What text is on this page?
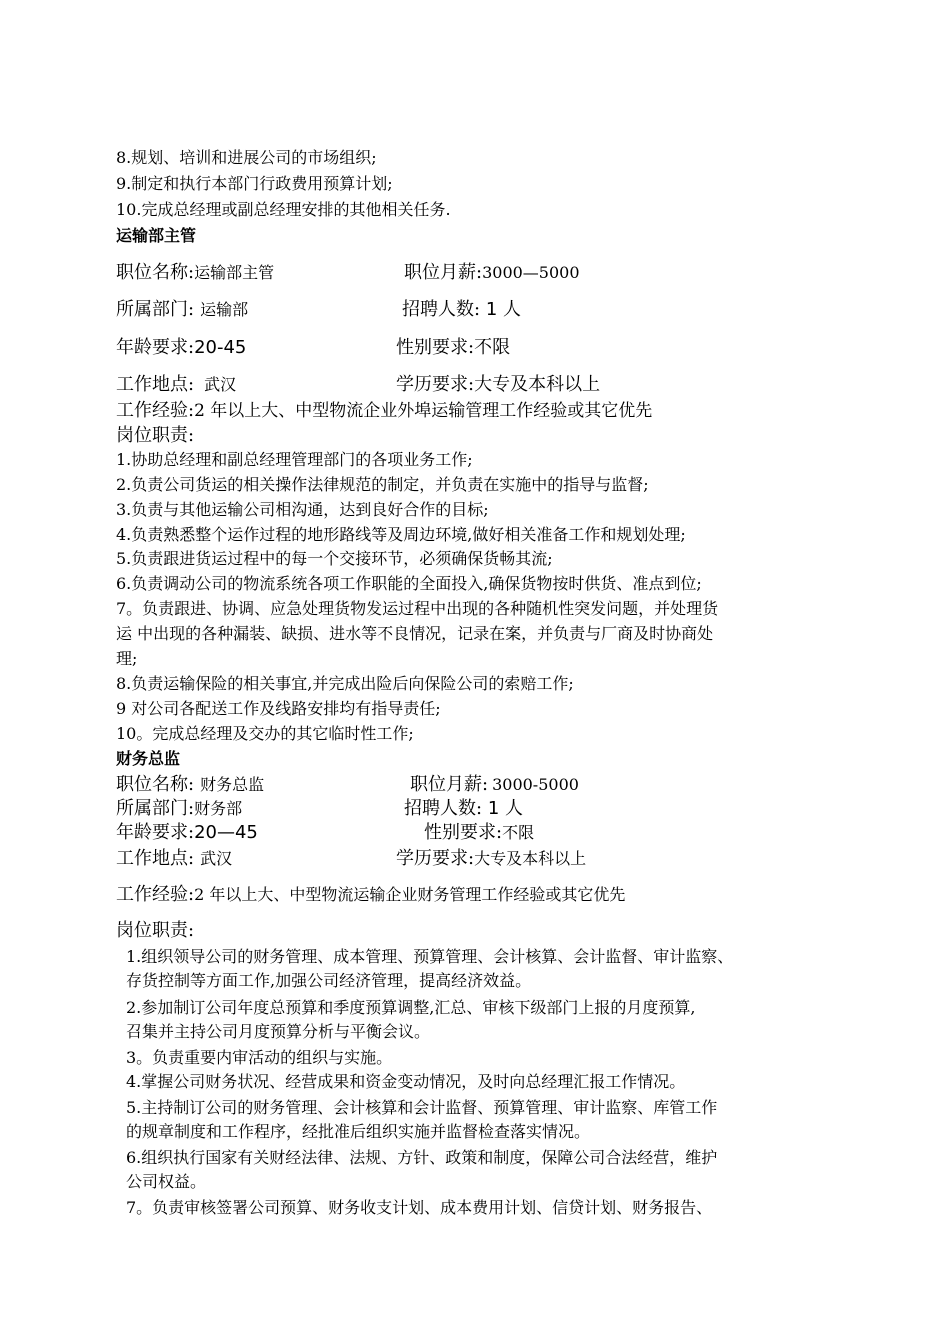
8.规划、培训和进展公司的市场组织;
9.制定和执行本部门行政费用预算计划;
10.完成总经理或副总经理安排的其他相关任务.
运输部主管
职位名称:运输部主管	职位月薪:3000—5000
所属部门: 运输部	招聘人数: 1 人
年龄要求:20-45	性别要求:不限
工作地点: 武汉	学历要求:大专及本科以上
工作经验:2 年以上大、中型物流企业外埠运输管理工作经验或其它优先
岗位职责:
1.协助总经理和副总经理管理部门的各项业务工作;
2.负责公司货运的相关操作法律规范的制定，并负责在实施中的指导与监督;
3.负责与其他运输公司相沟通，达到良好合作的目标;
4.负责熟悉整个运作过程的地形路线等及周边环境,做好相关准备工作和规划处理;
5.负责跟进货运过程中的每一个交接环节，必须确保货畅其流;
6.负责调动公司的物流系统各项工作职能的全面投入,确保货物按时供货、准点到位;
7。负责跟进、协调、应急处理货物发运过程中出现的各种随机性突发问题，并处理货
运 中出现的各种漏装、缺损、进水等不良情况，记录在案，并负责与厂商及时协商处
理;
8.负责运输保险的相关事宜,并完成出险后向保险公司的索赔工作;
9 对公司各配送工作及线路安排均有指导责任;
10。完成总经理及交办的其它临时性工作;
财务总监
职位名称: 财务总监	职位月薪: 3000-5000
所属部门:财务部	招聘人数: 1 人
年龄要求:20—45	性别要求:不限
工作地点: 武汉	学历要求:大专及本科以上
工作经验:2 年以上大、中型物流运输企业财务管理工作经验或其它优先
岗位职责:
1.组织领导公司的财务管理、成本管理、预算管理、会计核算、会计监督、审计监察、
存货控制等方面工作,加强公司经济管理，提高经济效益。
2.参加制订公司年度总预算和季度预算调整,汇总、审核下级部门上报的月度预算,
召集并主持公司月度预算分析与平衡会议。
3。负责重要内审活动的组织与实施。
4.掌握公司财务状况、经营成果和资金变动情况，及时向总经理汇报工作情况。
5.主持制订公司的财务管理、会计核算和会计监督、预算管理、审计监察、库管工作
的规章制度和工作程序，经批准后组织实施并监督检查落实情况。
6.组织执行国家有关财经法律、法规、方针、政策和制度，保障公司合法经营，维护
公司权益。
7。负责审核签署公司预算、财务收支计划、成本费用计划、信贷计划、财务报告、
